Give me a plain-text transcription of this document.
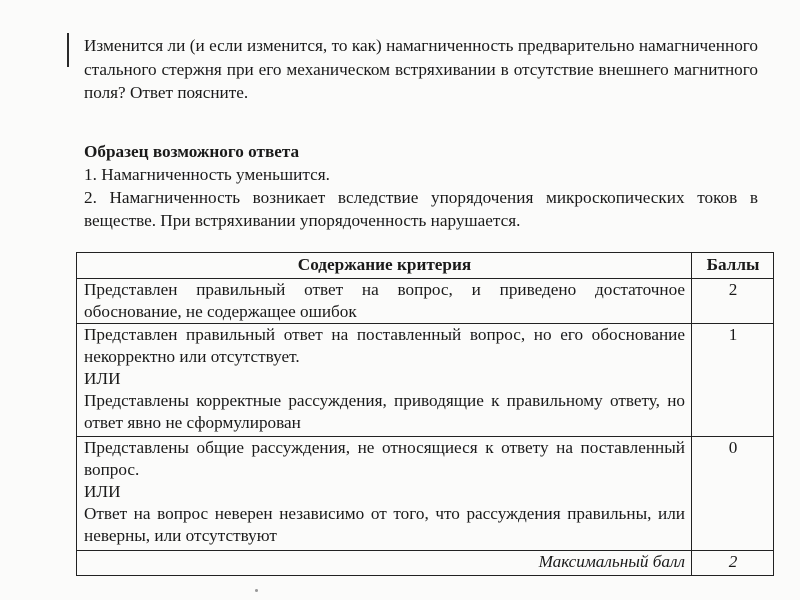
Изменится ли (и если изменится, то как) намагниченность предварительно намагниченного стального стержня при его механическом встряхивании в отсутствие внешнего магнитного поля? Ответ поясните.
Образец возможного ответа
1. Намагниченность уменьшится.
2. Намагниченность возникает вследствие упорядочения микроскопических токов в веществе. При встряхивании упорядоченность нарушается.
Содержание критерия	Баллы
Представлен правильный ответ на вопрос, и приведено достаточное обоснование, не содержащее ошибок	2
Представлен правильный ответ на поставленный вопрос, но его обоснование некорректно или отсутствует.
ИЛИ
Представлены корректные рассуждения, приводящие к правильному ответу, но ответ явно не сформулирован	1
Представлены общие рассуждения, не относящиеся к ответу на поставленный вопрос.
ИЛИ
Ответ на вопрос неверен независимо от того, что рассуждения правильны, или неверны, или отсутствуют	0
Максимальный балл	2
